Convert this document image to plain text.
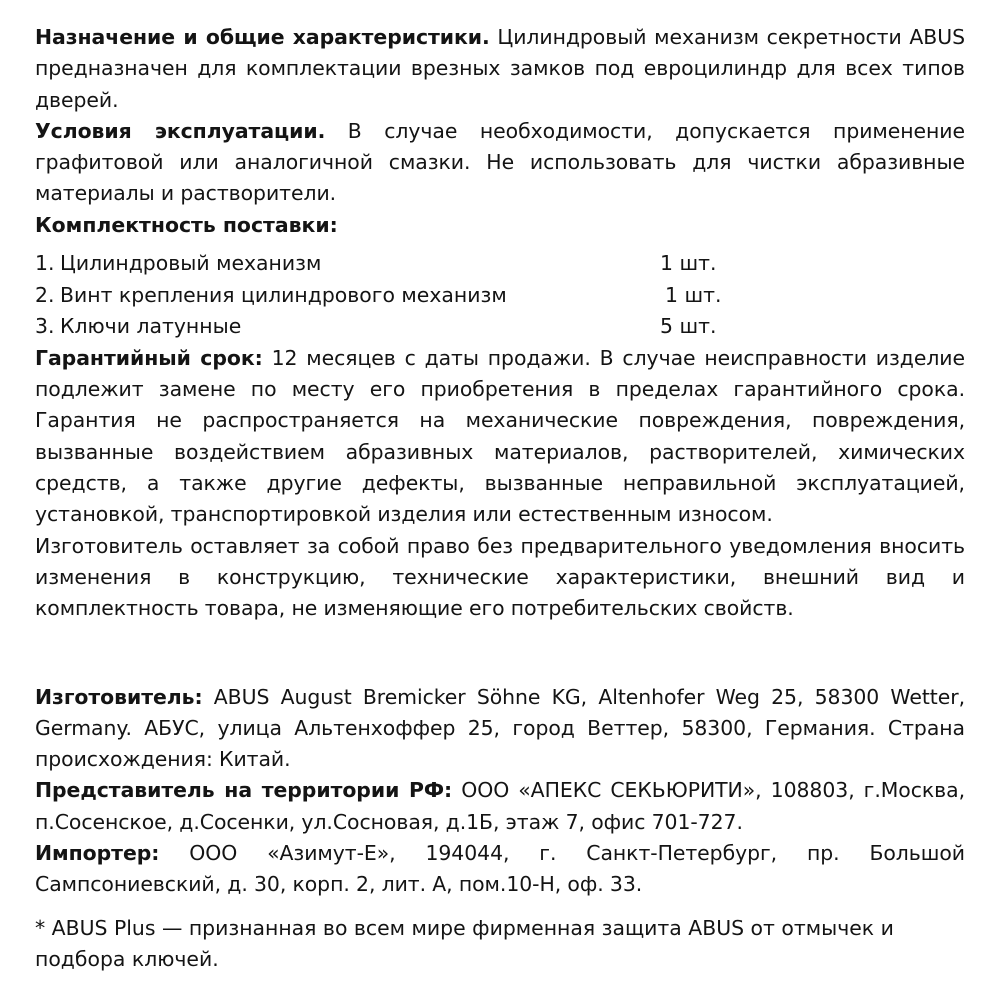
Назначение и общие характеристики. Цилиндровый механизм секретности ABUS предназначен для комплектации врезных замков под евроцилиндр для всех типов дверей.

Условия эксплуатации. В случае необходимости, допускается применение графитовой или аналогичной смазки. Не использовать для чистки абразивные материалы и растворители.

Комплектность поставки:

1. Цилиндровый механизм	1 шт.
2. Винт крепления цилиндрового механизм	1 шт.
3. Ключи латунные	5 шт.

Гарантийный срок: 12 месяцев с даты продажи. В случае неисправности изделие подлежит замене по месту его приобретения в пределах гарантийного срока. Гарантия не распространяется на механические повреждения, повреждения, вызванные воздействием абразивных материалов, растворителей, химических средств, а также другие дефекты, вызванные неправильной эксплуатацией, установкой, транспортировкой изделия или естественным износом.

Изготовитель оставляет за собой право без предварительного уведомления вносить изменения в конструкцию, технические характеристики, внешний вид и комплектность товара, не изменяющие его потребительских свойств.

Изготовитель: ABUS August Bremicker Söhne KG, Altenhofer Weg 25, 58300 Wetter, Germany. АБУС, улица Альтенхоффер 25, город Веттер, 58300, Германия. Страна происхождения: Китай.

Представитель на территории РФ: ООО «АПЕКС СЕКЬЮРИТИ», 108803, г.Москва, п.Сосенское, д.Сосенки, ул.Сосновая, д.1Б, этаж 7, офис 701-727.

Импортер: ООО «Азимут-Е», 194044, г. Санкт-Петербург, пр. Большой Сампсониевский, д. 30, корп. 2, лит. А, пом.10-Н, оф. 33.

* ABUS Plus — признанная во всем мире фирменная защита ABUS от отмычек и подбора ключей.
